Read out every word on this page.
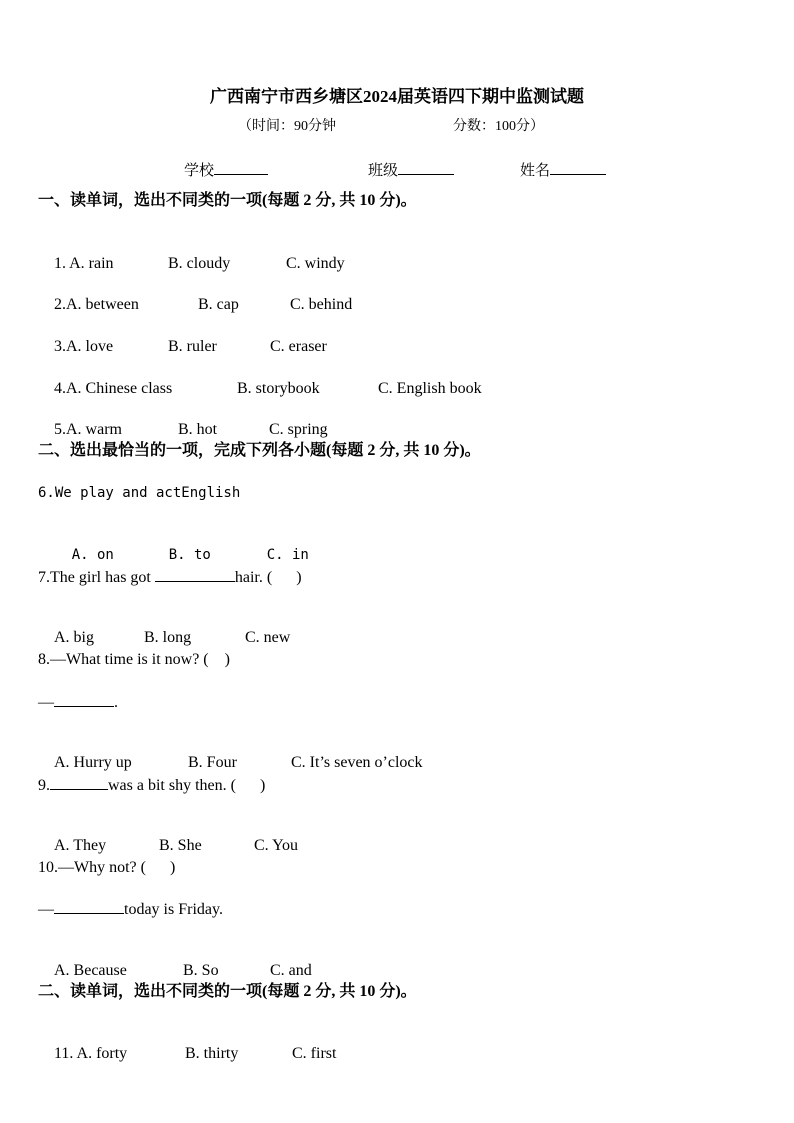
广西南宁市西乡塘区2024届英语四下期中监测试题
（时间：90分钟	分数：100分）
学校	班级	姓名
一、读单词，选出不同类的一项(每题 2 分, 共 10 分)。

1. A. rain	B. cloudy	C. windy

2.A. between	B. cap	C. behind

3.A. love	B. ruler	C. eraser

4.A. Chinese class	B. storybook	C. English book

5.A. warm	B. hot	C. spring

二、选出最恰当的一项，完成下列各小题(每题 2 分, 共 10 分)。
6.We play and actEnglish

A. on	B. to	C. in

7.The girl has got	hair. (      )

A. big	B. long	C. new

8.—What time is it now? (    )
—	.

A. Hurry up	B. Four	C. It’s seven o’clock

9.	was a bit shy then. (      )

A. They	B. She	C. You

10.—Why not? (      )
—	today is Friday.

A. Because	B. So	C. and

二、读单词，选出不同类的一项(每题 2 分, 共 10 分)。

11. A. forty	B. thirty	C. first
